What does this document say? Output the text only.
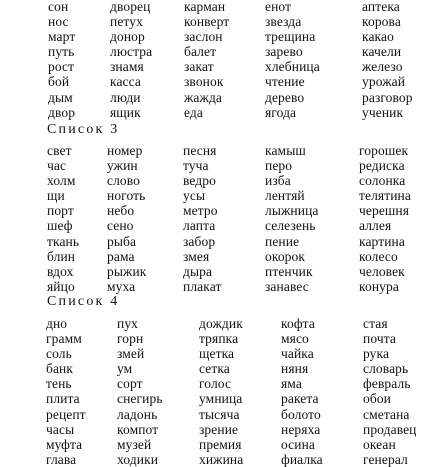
сон
нос
март
путь
рост
бой
дым
двор
дворец
петух
донор
люстра
знамя
касса
люди
ящик
карман
конверт
заслон
балет
закат
звонок
жажда
еда
енот
звезда
трещина
зарево
хлебница
чтение
дерево
ягода
аптека
корова
какао
качели
железо
урожай
разговор
ученик
Список 3
свет
час
холм
щи
порт
шеф
ткань
блин
вдох
яйцо
номер
ужин
слово
ноготь
небо
сено
рыба
рама
рыжик
муха
песня
туча
ведро
усы
метро
лапта
забор
змея
дыра
плакат
камыш
перо
изба
лентяй
лыжница
селезень
пение
окорок
птенчик
занавес
горошек
редиска
солонка
телятина
черешня
аллея
картина
колесо
человек
конура
Список 4
дно
грамм
соль
банк
тень
плита
рецепт
часы
муфта
глава
пух
горн
змей
ум
сорт
снегирь
ладонь
компот
музей
ходики
дождик
тряпка
щетка
сетка
голос
умница
тысяча
зрение
премия
хижина
кофта
мясо
чайка
няня
яма
ракета
болото
неряха
осина
фиалка
стая
почта
рука
словарь
февраль
обои
сметана
продавец
океан
генерал
